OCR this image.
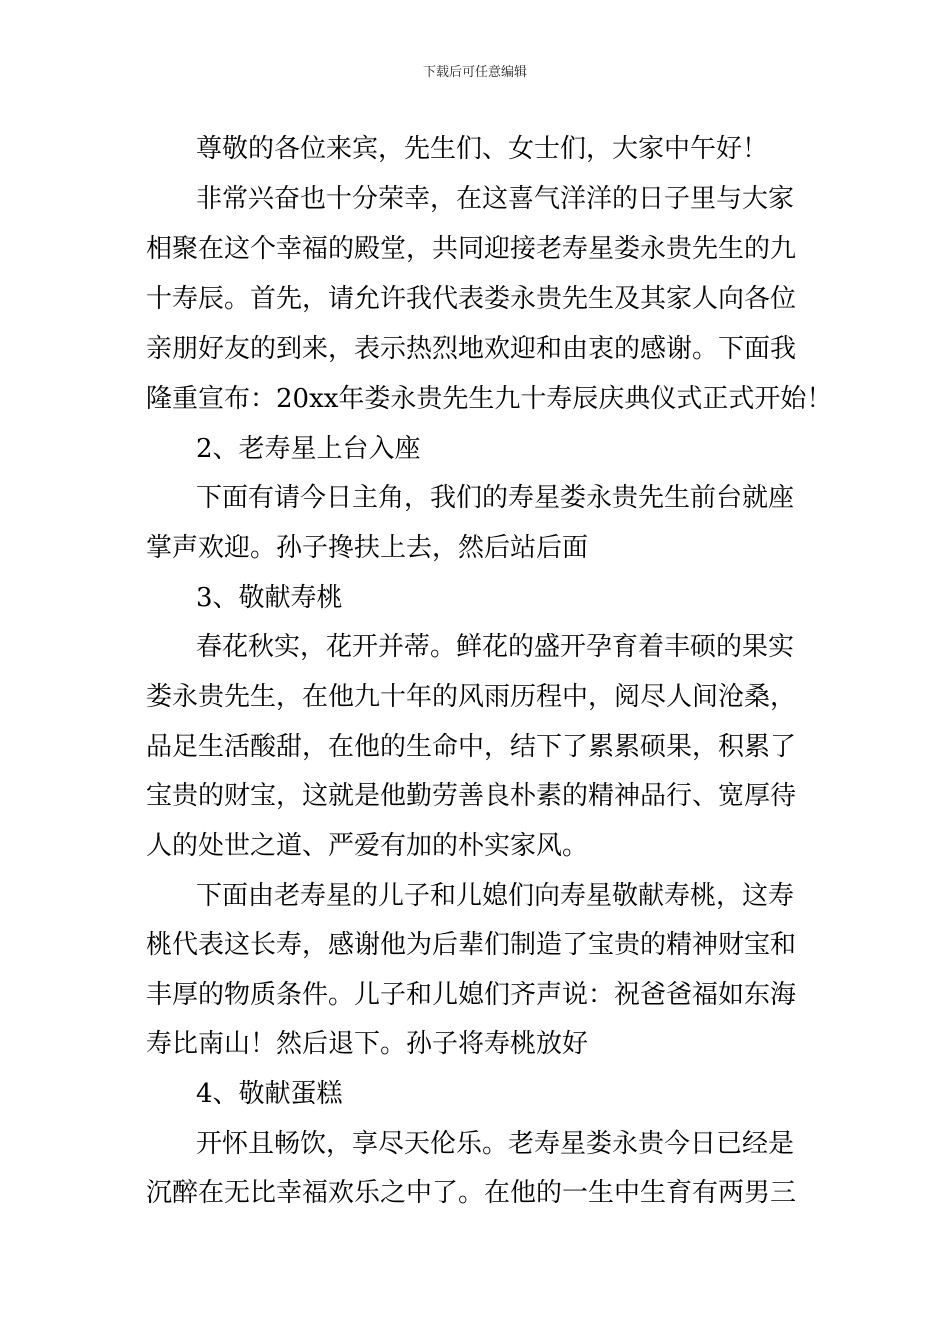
下载后可任意编辑
尊敬的各位来宾，先生们、女士们，大家中午好！
非常兴奋也十分荣幸，在这喜气洋洋的日子里与大家
相聚在这个幸福的殿堂，共同迎接老寿星娄永贵先生的九
十寿辰。首先，请允许我代表娄永贵先生及其家人向各位
亲朋好友的到来，表示热烈地欢迎和由衷的感谢。下面我
隆重宣布：20xx年娄永贵先生九十寿辰庆典仪式正式开始！
2、老寿星上台入座
下面有请今日主角，我们的寿星娄永贵先生前台就座
掌声欢迎。孙子搀扶上去，然后站后面
3、敬献寿桃
春花秋实，花开并蒂。鲜花的盛开孕育着丰硕的果实
娄永贵先生，在他九十年的风雨历程中，阅尽人间沧桑，
品足生活酸甜，在他的生命中，结下了累累硕果，积累了
宝贵的财宝，这就是他勤劳善良朴素的精神品行、宽厚待
人的处世之道、严爱有加的朴实家风。
下面由老寿星的儿子和儿媳们向寿星敬献寿桃，这寿
桃代表这长寿，感谢他为后辈们制造了宝贵的精神财宝和
丰厚的物质条件。儿子和儿媳们齐声说：祝爸爸福如东海
寿比南山！然后退下。孙子将寿桃放好
4、敬献蛋糕
开怀且畅饮，享尽天伦乐。老寿星娄永贵今日已经是
沉醉在无比幸福欢乐之中了。在他的一生中生育有两男三
